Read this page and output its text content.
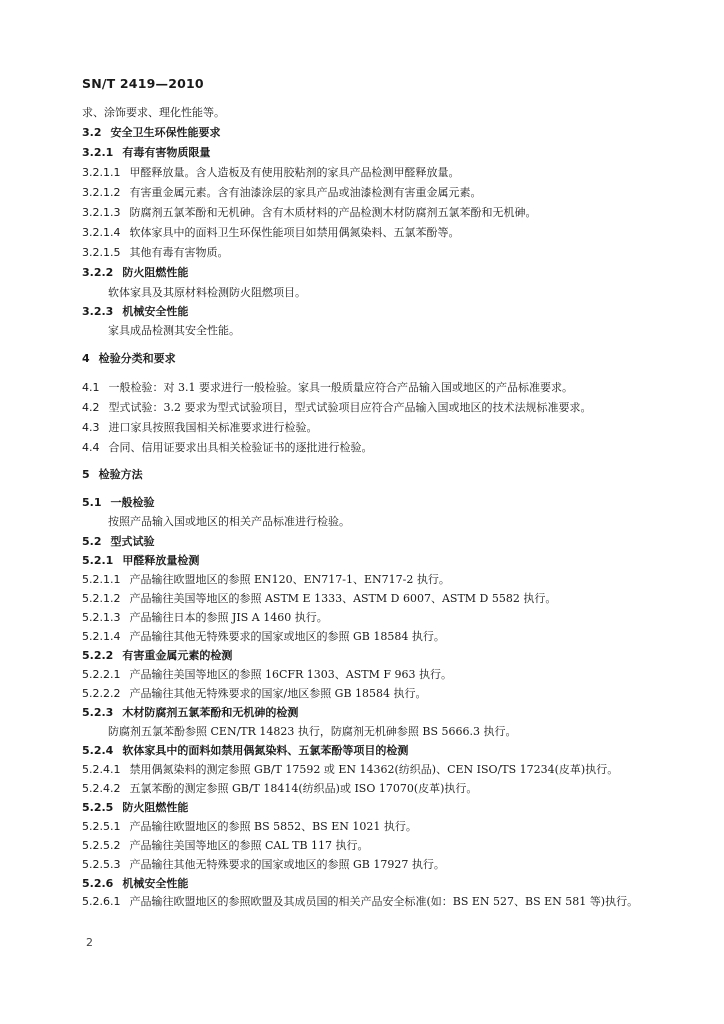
SN/T 2419—2010
求、涂饰要求、理化性能等。
3.2 安全卫生环保性能要求
3.2.1 有毒有害物质限量
3.2.1.1 甲醛释放量。含人造板及有使用胶粘剂的家具产品检测甲醛释放量。
3.2.1.2 有害重金属元素。含有油漆涂层的家具产品或油漆检测有害重金属元素。
3.2.1.3 防腐剂五氯苯酚和无机砷。含有木质材料的产品检测木材防腐剂五氯苯酚和无机砷。
3.2.1.4 软体家具中的面料卫生环保性能项目如禁用偶氮染料、五氯苯酚等。
3.2.1.5 其他有毒有害物质。
3.2.2 防火阻燃性能
软体家具及其原材料检测防火阻燃项目。
3.2.3 机械安全性能
家具成品检测其安全性能。
4 检验分类和要求
4.1 一般检验：对 3.1 要求进行一般检验。家具一般质量应符合产品输入国或地区的产品标准要求。
4.2 型式试验：3.2 要求为型式试验项目，型式试验项目应符合产品输入国或地区的技术法规标准要求。
4.3 进口家具按照我国相关标准要求进行检验。
4.4 合同、信用证要求出具相关检验证书的逐批进行检验。
5 检验方法
5.1 一般检验
按照产品输入国或地区的相关产品标准进行检验。
5.2 型式试验
5.2.1 甲醛释放量检测
5.2.1.1 产品输往欧盟地区的参照 EN120、EN717-1、EN717-2 执行。
5.2.1.2 产品输往美国等地区的参照 ASTM E 1333、ASTM D 6007、ASTM D 5582 执行。
5.2.1.3 产品输往日本的参照 JIS A 1460 执行。
5.2.1.4 产品输往其他无特殊要求的国家或地区的参照 GB 18584 执行。
5.2.2 有害重金属元素的检测
5.2.2.1 产品输往美国等地区的参照 16CFR 1303、ASTM F 963 执行。
5.2.2.2 产品输往其他无特殊要求的国家/地区参照 GB 18584 执行。
5.2.3 木材防腐剂五氯苯酚和无机砷的检测
防腐剂五氯苯酚参照 CEN/TR 14823 执行，防腐剂无机砷参照 BS 5666.3 执行。
5.2.4 软体家具中的面料如禁用偶氮染料、五氯苯酚等项目的检测
5.2.4.1 禁用偶氮染料的测定参照 GB/T 17592 或 EN 14362(纺织品)、CEN ISO/TS 17234(皮革)执行。
5.2.4.2 五氯苯酚的测定参照 GB/T 18414(纺织品)或 ISO 17070(皮革)执行。
5.2.5 防火阻燃性能
5.2.5.1 产品输往欧盟地区的参照 BS 5852、BS EN 1021 执行。
5.2.5.2 产品输往美国等地区的参照 CAL TB 117 执行。
5.2.5.3 产品输往其他无特殊要求的国家或地区的参照 GB 17927 执行。
5.2.6 机械安全性能
5.2.6.1 产品输往欧盟地区的参照欧盟及其成员国的相关产品安全标准(如：BS EN 527、BS EN 581 等)执行。
2
